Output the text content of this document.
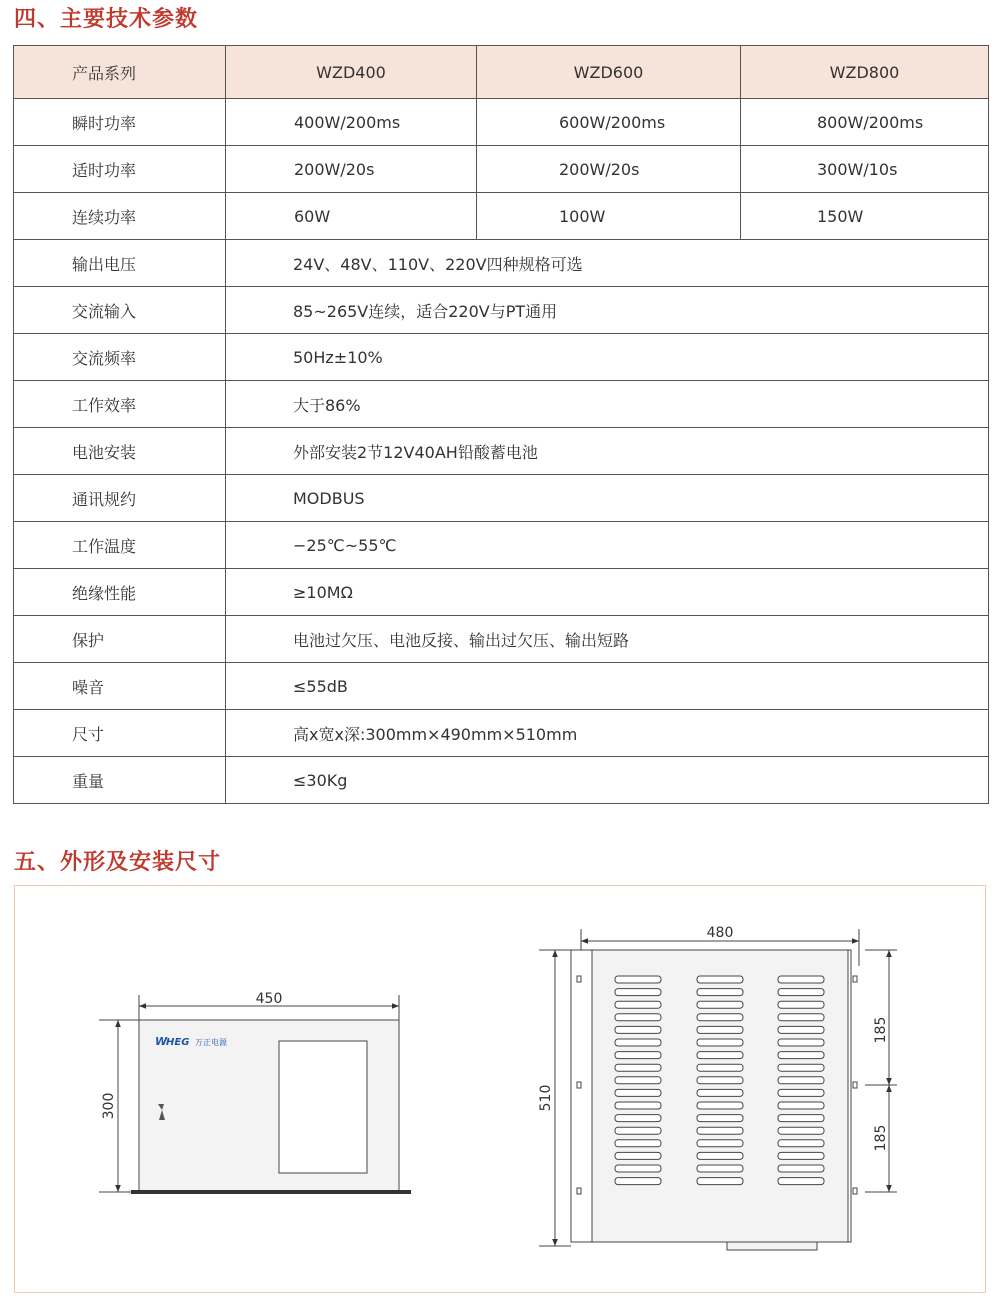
四、主要技术参数
产品系列	WZD400	WZD600	WZD800
瞬时功率	400W/200ms	600W/200ms	800W/200ms
适时功率	200W/20s	200W/20s	300W/10s
连续功率	60W	100W	150W
输出电压	24V、48V、110V、220V四种规格可选		
交流输入	85~265V连续，适合220V与PT通用		
交流频率	50Hz±10%		
工作效率	大于86%		
电池安装	外部安装2节12V40AH铅酸蓄电池		
通讯规约	MODBUS		
工作温度	−25℃~55℃		
绝缘性能	≥10MΩ		
保护	电池过欠压、电池反接、输出过欠压、输出短路		
噪音	≤55dB		
尺寸	高x宽x深:300mm×490mm×510mm		
重量	≤30Kg		
五、外形及安装尺寸
W
HEG 万正电源
450
300
480
510
185
185
